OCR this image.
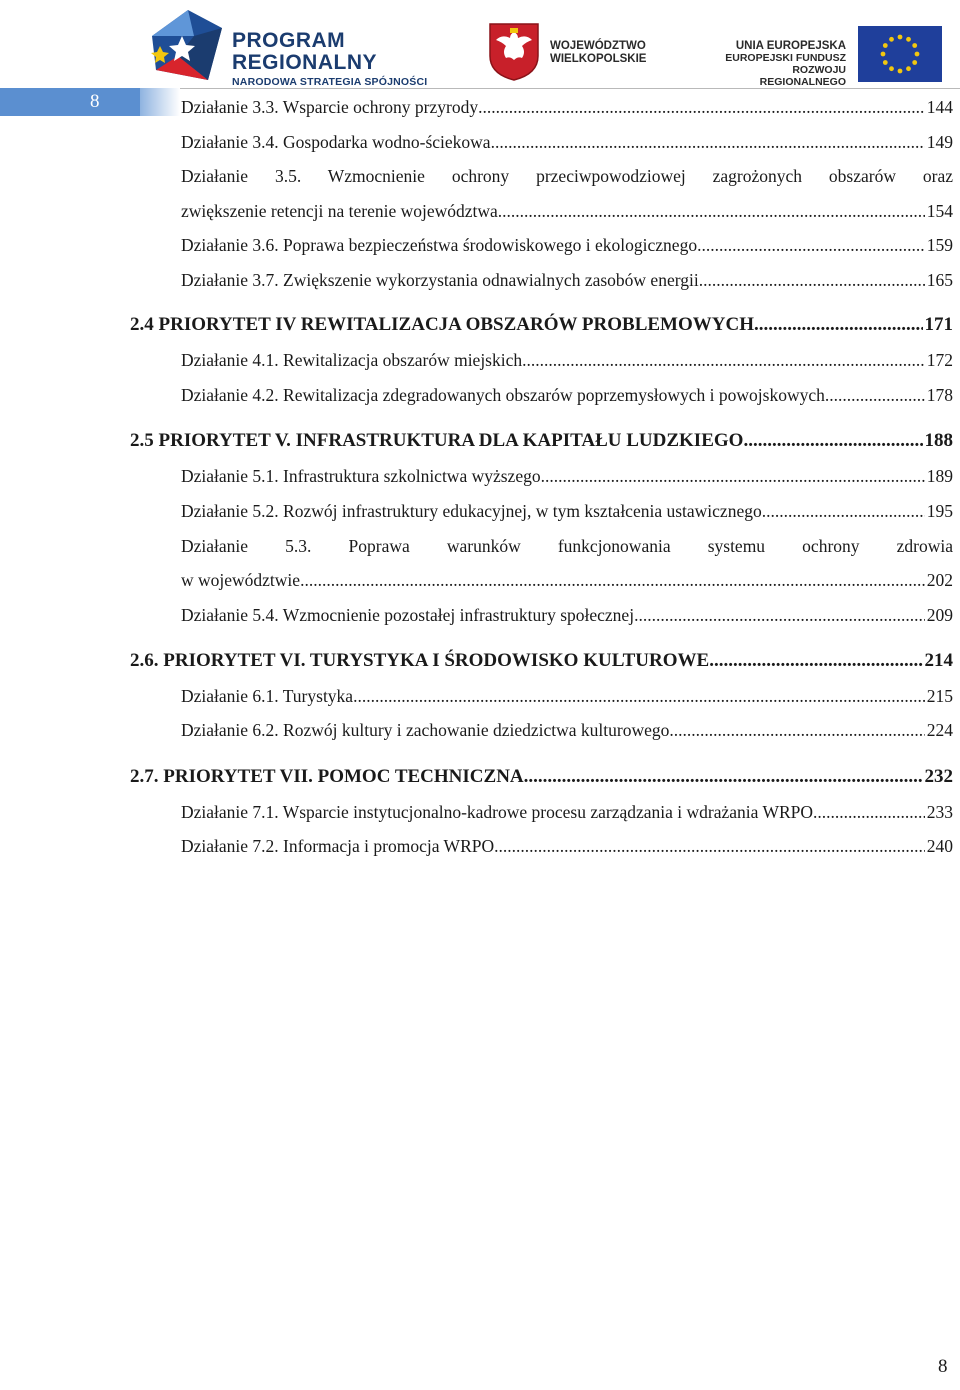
PROGRAM
REGIONALNY
NARODOWA STRATEGIA SPÓJNOŚCI
WOJEWÓDZTWO
WIELKOPOLSKIE
UNIA EUROPEJSKA
EUROPEJSKI FUNDUSZ
ROZWOJU REGIONALNEGO
8	Działanie 3.3. Wsparcie ochrony przyrody .....	144
Działanie 3.4. Gospodarka wodno-ściekowa .....	149
Działanie 3.5. Wzmocnienie ochrony przeciwpowodziowej zagrożonych obszarów oraz
zwiększenie retencji na terenie województwa .....	154
Działanie 3.6. Poprawa bezpieczeństwa środowiskowego i ekologicznego .....	159
Działanie 3.7. Zwiększenie wykorzystania odnawialnych zasobów energii .....	165
2.4 PRIORYTET IV REWITALIZACJA OBSZARÓW PROBLEMOWYCH .....	171
Działanie 4.1. Rewitalizacja obszarów miejskich .....	172
Działanie 4.2. Rewitalizacja zdegradowanych obszarów poprzemysłowych i powojskowych .....	178
2.5 PRIORYTET V. INFRASTRUKTURA DLA KAPITAŁU LUDZKIEGO .....	188
Działanie 5.1. Infrastruktura szkolnictwa wyższego .....	189
Działanie 5.2. Rozwój infrastruktury edukacyjnej, w tym kształcenia ustawicznego .....	195
Działanie 5.3. Poprawa warunków funkcjonowania systemu ochrony zdrowia
w województwie .....	202
Działanie 5.4. Wzmocnienie pozostałej infrastruktury społecznej .....	209
2.6. PRIORYTET VI. TURYSTYKA I ŚRODOWISKO KULTUROWE .....	214
Działanie 6.1. Turystyka .....	215
Działanie 6.2. Rozwój kultury i zachowanie dziedzictwa kulturowego .....	224
2.7. PRIORYTET VII. POMOC TECHNICZNA .....	232
Działanie 7.1. Wsparcie instytucjonalno-kadrowe procesu zarządzania i wdrażania WRPO .....	233
Działanie 7.2. Informacja i promocja WRPO .....	240
8
